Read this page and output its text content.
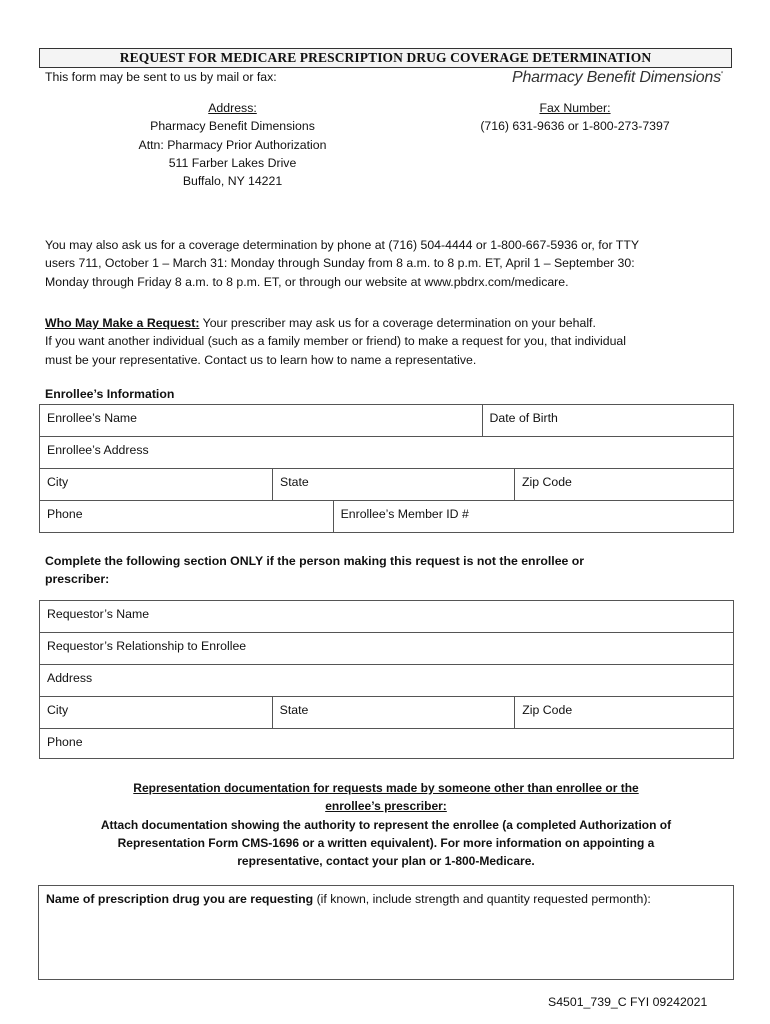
REQUEST FOR MEDICARE PRESCRIPTION DRUG COVERAGE DETERMINATION
This form may be sent to us by mail or fax:	Pharmacy Benefit Dimensions*
Address:
Pharmacy Benefit Dimensions
Attn: Pharmacy Prior Authorization
511 Farber Lakes Drive
Buffalo, NY 14221
Fax Number:
(716) 631-9636 or 1-800-273-7397
You may also ask us for a coverage determination by phone at (716) 504-4444 or 1-800-667-5936 or, for TTY
users 711, October 1 – March 31: Monday through Sunday from 8 a.m. to 8 p.m. ET, April 1 – September 30:
Monday through Friday 8 a.m. to 8 p.m. ET, or through our website at www.pbdrx.com/medicare.
Who May Make a Request: Your prescriber may ask us for a coverage determination on your behalf.
If you want another individual (such as a family member or friend) to make a request for you, that individual
must be your representative. Contact us to learn how to name a representative.
Enrollee’s Information
Enrollee’s Name		Date of Birth	
Enrollee’s Address			
City	State		Zip Code
Phone	Enrollee’s Member ID #
Complete the following section ONLY if the person making this request is not the enrollee or
prescriber:
Requestor’s Name
Requestor’s Relationship to Enrollee
Address
City	State	Zip Code
Phone
Representation documentation for requests made by someone other than enrollee or the
enrollee’s prescriber:
Attach documentation showing the authority to represent the enrollee (a completed Authorization of
Representation Form CMS-1696 or a written equivalent). For more information on appointing a
representative, contact your plan or 1-800-Medicare.
Name of prescription drug you are requesting (if known, include strength and quantity requested permonth):
S4501_739_C FYI 09242021
